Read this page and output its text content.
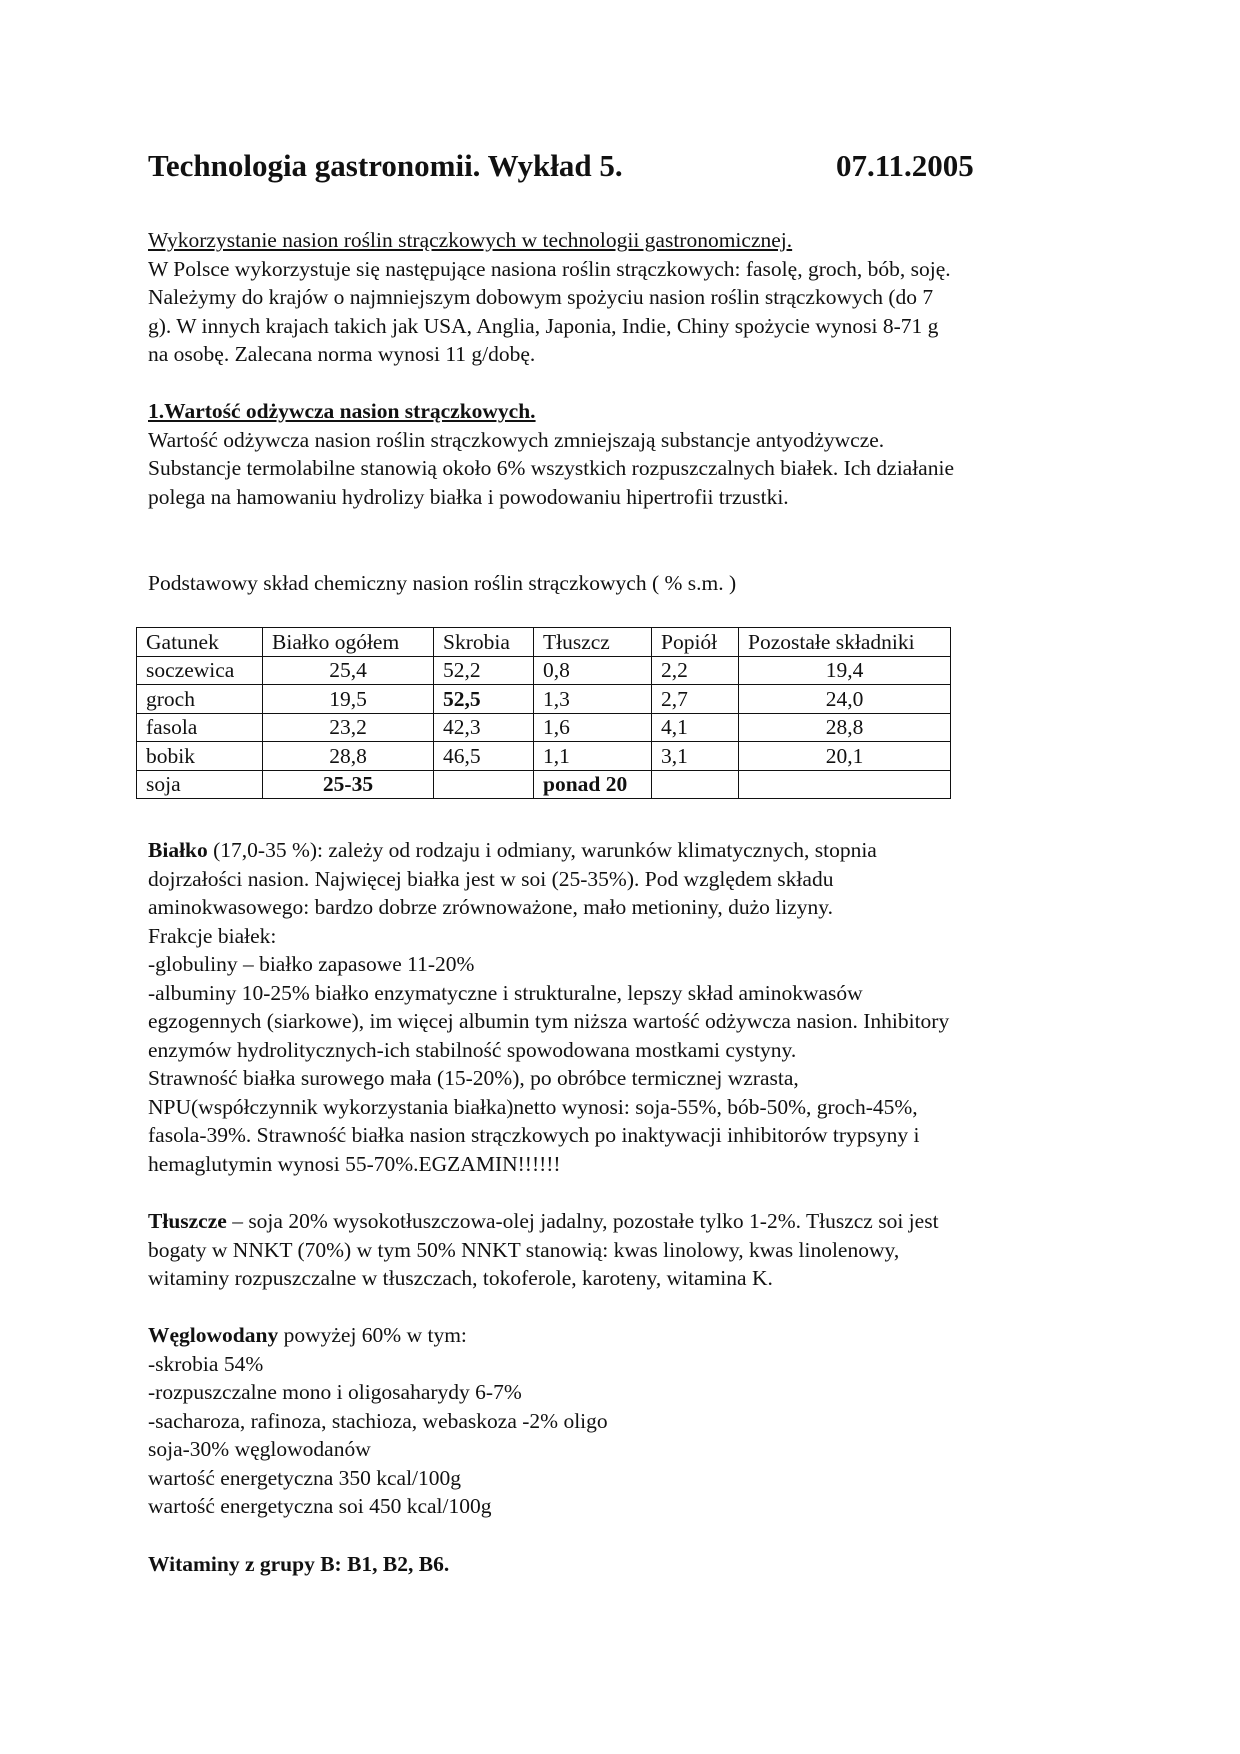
Technologia gastronomii. Wykład 5.	07.11.2005

Wykorzystanie nasion roślin strączkowych w technologii gastronomicznej.

W Polsce wykorzystuje się następujące nasiona roślin strączkowych: fasolę, groch, bób, soję.

Należymy do krajów o najmniejszym dobowym spożyciu nasion roślin strączkowych (do 7

g). W innych krajach takich jak USA, Anglia, Japonia, Indie, Chiny spożycie wynosi 8-71 g

na osobę. Zalecana norma wynosi 11 g/dobę.

1.Wartość odżywcza nasion strączkowych.

Wartość odżywcza nasion roślin strączkowych zmniejszają substancje antyodżywcze.

Substancje termolabilne stanowią około 6% wszystkich rozpuszczalnych białek. Ich działanie

polega na hamowaniu hydrolizy białka i powodowaniu hipertrofii trzustki.

Podstawowy skład chemiczny nasion roślin strączkowych ( % s.m. )

Gatunek	Białko ogółem	Skrobia	Tłuszcz	Popiół	Pozostałe składniki
soczewica	25,4	52,2	0,8	2,2	19,4
groch	19,5	52,5	1,3	2,7	24,0
fasola	23,2	42,3	1,6	4,1	28,8
bobik	28,8	46,5	1,1	3,1	20,1
soja	25-35		ponad 20		

Białko (17,0-35 %): zależy od rodzaju i odmiany, warunków klimatycznych, stopnia

dojrzałości nasion. Najwięcej białka jest w soi (25-35%). Pod względem składu

aminokwasowego: bardzo dobrze zrównoważone, mało metioniny, dużo lizyny.

Frakcje białek:

-globuliny – białko zapasowe 11-20%

-albuminy 10-25% białko enzymatyczne i strukturalne, lepszy skład aminokwasów

egzogennych (siarkowe), im więcej albumin tym niższa wartość odżywcza nasion. Inhibitory

enzymów hydrolitycznych-ich stabilność spowodowana mostkami cystyny.

Strawność białka surowego mała (15-20%), po obróbce termicznej wzrasta,

NPU(współczynnik wykorzystania białka)netto wynosi: soja-55%, bób-50%, groch-45%,

fasola-39%. Strawność białka nasion strączkowych po inaktywacji inhibitorów trypsyny i

hemaglutymin wynosi 55-70%.EGZAMIN!!!!!!

Tłuszcze – soja 20% wysokotłuszczowa-olej jadalny, pozostałe tylko 1-2%. Tłuszcz soi jest

bogaty w NNKT (70%) w tym 50% NNKT stanowią: kwas linolowy, kwas linolenowy,

witaminy rozpuszczalne w tłuszczach, tokoferole, karoteny, witamina K.

Węglowodany powyżej 60% w tym:

-skrobia 54%

-rozpuszczalne mono i oligosaharydy 6-7%

-sacharoza, rafinoza, stachioza, webaskoza -2% oligo

soja-30% węglowodanów

wartość energetyczna 350 kcal/100g

wartość energetyczna soi 450 kcal/100g

Witaminy z grupy B: B1, B2, B6.
